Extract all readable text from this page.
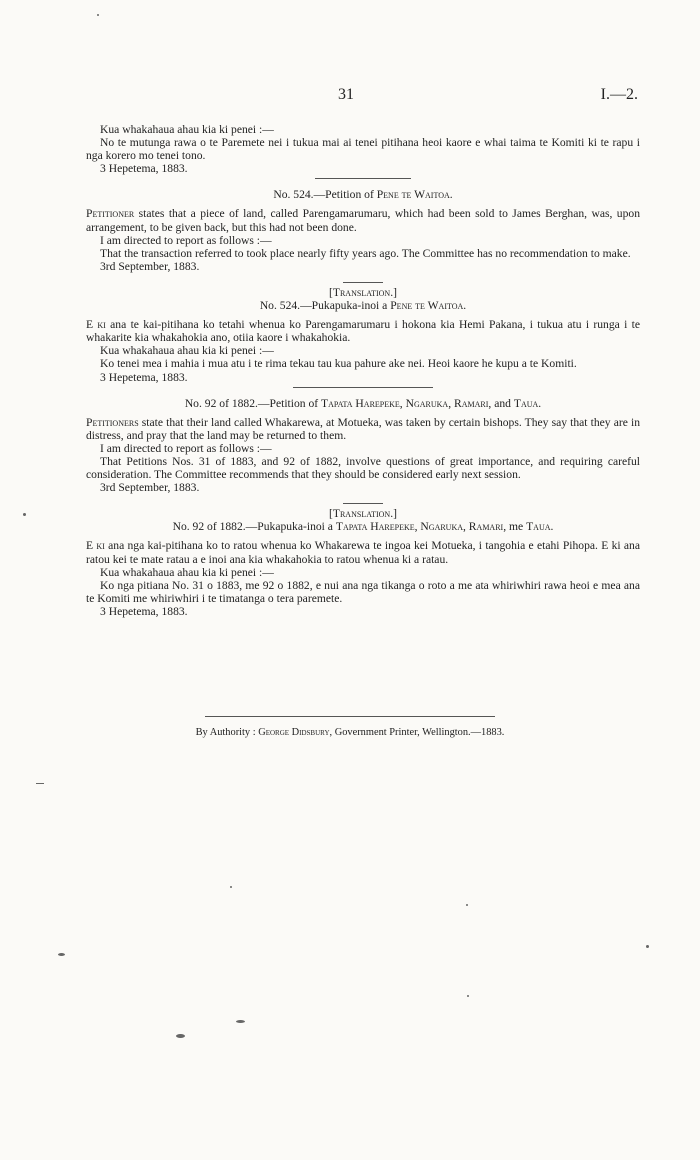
31	I.—2.

Kua whakahaua ahau kia ki penei :—

No te mutunga rawa o te Paremete nei i tukua mai ai tenei pitihana heoi kaore e whai taima te Komiti ki te rapu i nga korero mo tenei tono.

3 Hepetema, 1883.

No. 524.—Petition of Pene te Waitoa.

Petitioner states that a piece of land, called Parengamarumaru, which had been sold to James Berghan, was, upon arrangement, to be given back, but this had not been done.

I am directed to report as follows :—

That the transaction referred to took place nearly fifty years ago. The Committee has no recommendation to make.

3rd September, 1883.

[Translation.]

No. 524.—Pukapuka-inoi a Pene te Waitoa.

E ki ana te kai-pitihana ko tetahi whenua ko Parengamarumaru i hokona kia Hemi Pakana, i tukua atu i runga i te whakarite kia whakahokia ano, otiia kaore i whakahokia.

Kua whakahaua ahau kia ki penei :—

Ko tenei mea i mahia i mua atu i te rima tekau tau kua pahure ake nei. Heoi kaore he kupu a te Komiti.

3 Hepetema, 1883.

No. 92 of 1882.—Petition of Tapata Harepeke, Ngaruka, Ramari, and Taua.

Petitioners state that their land called Whakarewa, at Motueka, was taken by certain bishops. They say that they are in distress, and pray that the land may be returned to them.

I am directed to report as follows :—

That Petitions Nos. 31 of 1883, and 92 of 1882, involve questions of great importance, and requiring careful consideration. The Committee recommends that they should be considered early next session.

3rd September, 1883.

[Translation.]

No. 92 of 1882.—Pukapuka-inoi a Tapata Harepeke, Ngaruka, Ramari, me Taua.

E ki ana nga kai-pitihana ko to ratou whenua ko Whakarewa te ingoa kei Motueka, i tangohia e etahi Pihopa. E ki ana ratou kei te mate ratau a e inoi ana kia whakahokia to ratou whenua ki a ratau.

Kua whakahaua ahau kia ki penei :—

Ko nga pitiana No. 31 o 1883, me 92 o 1882, e nui ana nga tikanga o roto a me ata whiriwhiri rawa heoi e mea ana te Komiti me whiriwhiri i te timatanga o tera paremete.

3 Hepetema, 1883.

By Authority : George Didsbury, Government Printer, Wellington.—1883.
